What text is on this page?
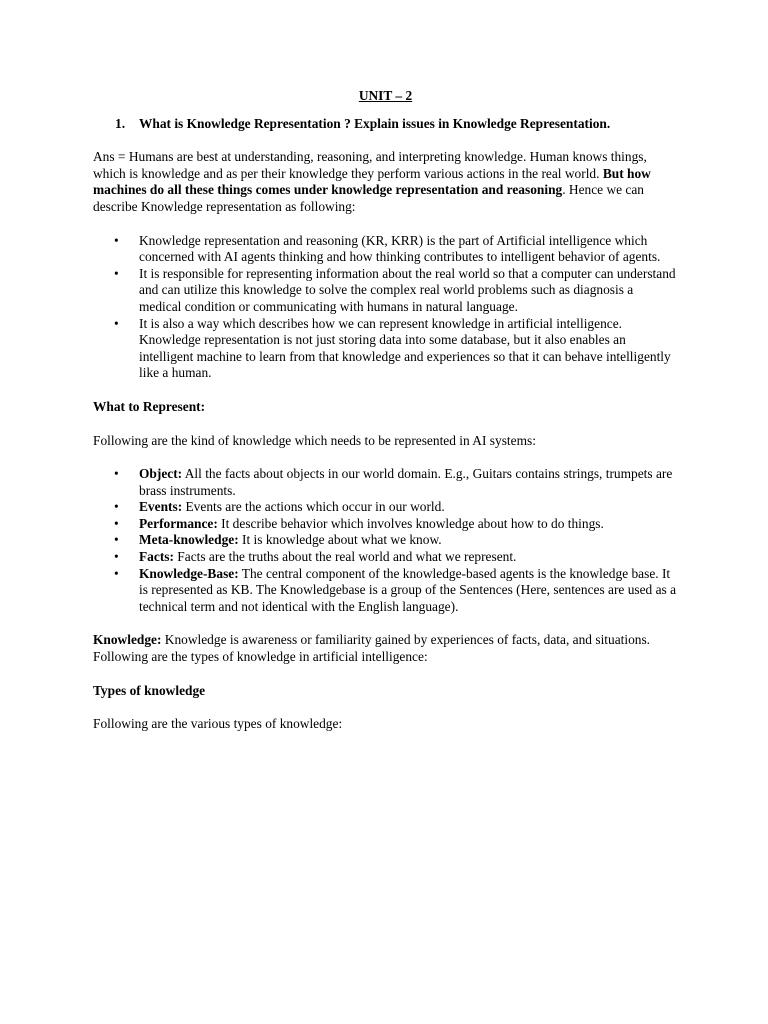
UNIT – 2
1.	What is Knowledge Representation ? Explain issues in Knowledge Representation.

Ans = Humans are best at understanding, reasoning, and interpreting knowledge. Human knows things, which is knowledge and as per their knowledge they perform various actions in the real world. But how machines do all these things comes under knowledge representation and reasoning. Hence we can describe Knowledge representation as following:

• Knowledge representation and reasoning (KR, KRR) is the part of Artificial intelligence which concerned with AI agents thinking and how thinking contributes to intelligent behavior of agents.
• It is responsible for representing information about the real world so that a computer can understand and can utilize this knowledge to solve the complex real world problems such as diagnosis a medical condition or communicating with humans in natural language.
• It is also a way which describes how we can represent knowledge in artificial intelligence. Knowledge representation is not just storing data into some database, but it also enables an intelligent machine to learn from that knowledge and experiences so that it can behave intelligently like a human.
What to Represent:

Following are the kind of knowledge which needs to be represented in AI systems:

• Object: All the facts about objects in our world domain. E.g., Guitars contains strings, trumpets are brass instruments.
• Events: Events are the actions which occur in our world.
• Performance: It describe behavior which involves knowledge about how to do things.
• Meta-knowledge: It is knowledge about what we know.
• Facts: Facts are the truths about the real world and what we represent.
• Knowledge-Base: The central component of the knowledge-based agents is the knowledge base. It is represented as KB. The Knowledgebase is a group of the Sentences (Here, sentences are used as a technical term and not identical with the English language).

Knowledge: Knowledge is awareness or familiarity gained by experiences of facts, data, and situations. Following are the types of knowledge in artificial intelligence:

Types of knowledge

Following are the various types of knowledge:
